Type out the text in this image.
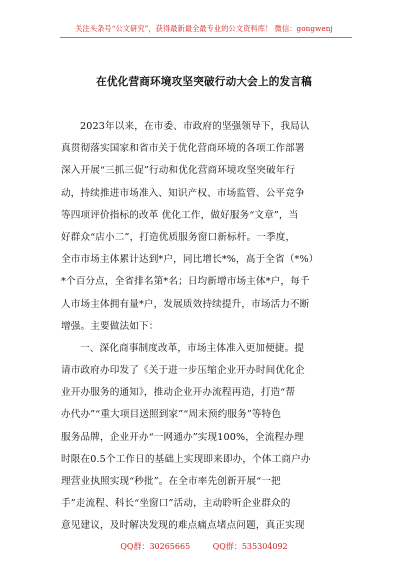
关注头条号“公文研究”，获得最新最全最专业的公文资料库！ 微信：gongwenj
在优化营商环境攻坚突破行动大会上的发言稿
2023年以来，在市委、市政府的坚强领导下，我局认
真贯彻落实国家和省市关于优化营商环境的各项工作部署
深入开展“三抓三促”行动和优化营商环境攻坚突破年行
动，持续推进市场准入、知识产权、市场监管、公平竞争
等四项评价指标的改革 优化工作，做好服务“文章”，当
好群众“店小二”，打造优质服务窗口新标杆。一季度，
全市市场主体累计达到*户，同比增长*%，高于全省（*%）
*个百分点，全省排名第*名；日均新增市场主体*户，每千
人市场主体拥有量*户，发展质效持续提升，市场活力不断
增强。主要做法如下：
一、深化商事制度改革，市场主体准入更加便捷。提
请市政府办印发了《关于进一步压缩企业开办时间优化企
业开办服务的通知》，推动企业开办流程再造，打造“帮
办代办”“重大项目送照到家”“周末预约服务”等特色
服务品牌，企业开办“一网通办”实现100%，全流程办理
时限在0.5个工作日的基础上实现即来即办，个体工商户办
理营业执照实现“秒批”。在全市率先创新开展“一把
手”走流程、科长“坐窗口”活动，主动聆听企业群众的
意见建议，及时解决发现的难点痛点堵点问题，真正实现
QQ群：30265665	QQ群：535304092
